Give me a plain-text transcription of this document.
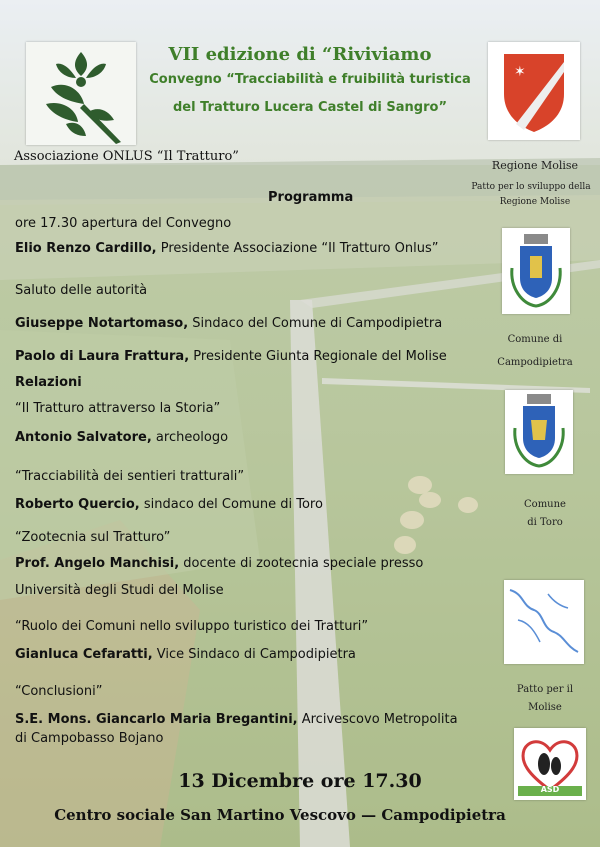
Associazione ONLUS “Il Tratturo”
VII edizione di “Riviviamo
Convegno “Tracciabilità e fruibilità turistica
del Tratturo Lucera Castel di Sangro”
✶
Regione Molise
Patto per lo sviluppo della
Regione Molise
Comune di
Campodipietra
Comune
di Toro
Patto per il
Molise
ASD
Programma
ore 17.30 apertura del Convegno
Elio Renzo Cardillo, Presidente Associazione “Il Tratturo Onlus”
Saluto delle autorità
Giuseppe Notartomaso, Sindaco del Comune di Campodipietra
Paolo di Laura Frattura, Presidente Giunta Regionale del Molise
Relazioni
“Il Tratturo attraverso la Storia”
Antonio Salvatore, archeologo
“Tracciabilità dei sentieri tratturali”
Roberto Quercio, sindaco del Comune di Toro
“Zootecnia sul Tratturo”
Prof. Angelo Manchisi, docente di zootecnia speciale presso
Università degli Studi del Molise
“Ruolo dei Comuni nello sviluppo turistico dei Tratturi”
Gianluca Cefaratti, Vice Sindaco di Campodipietra
“Conclusioni”
S.E. Mons. Giancarlo Maria Bregantini, Arcivescovo Metropolita
di Campobasso Bojano
13 Dicembre ore 17.30
Centro sociale San Martino Vescovo — Campodipietra
